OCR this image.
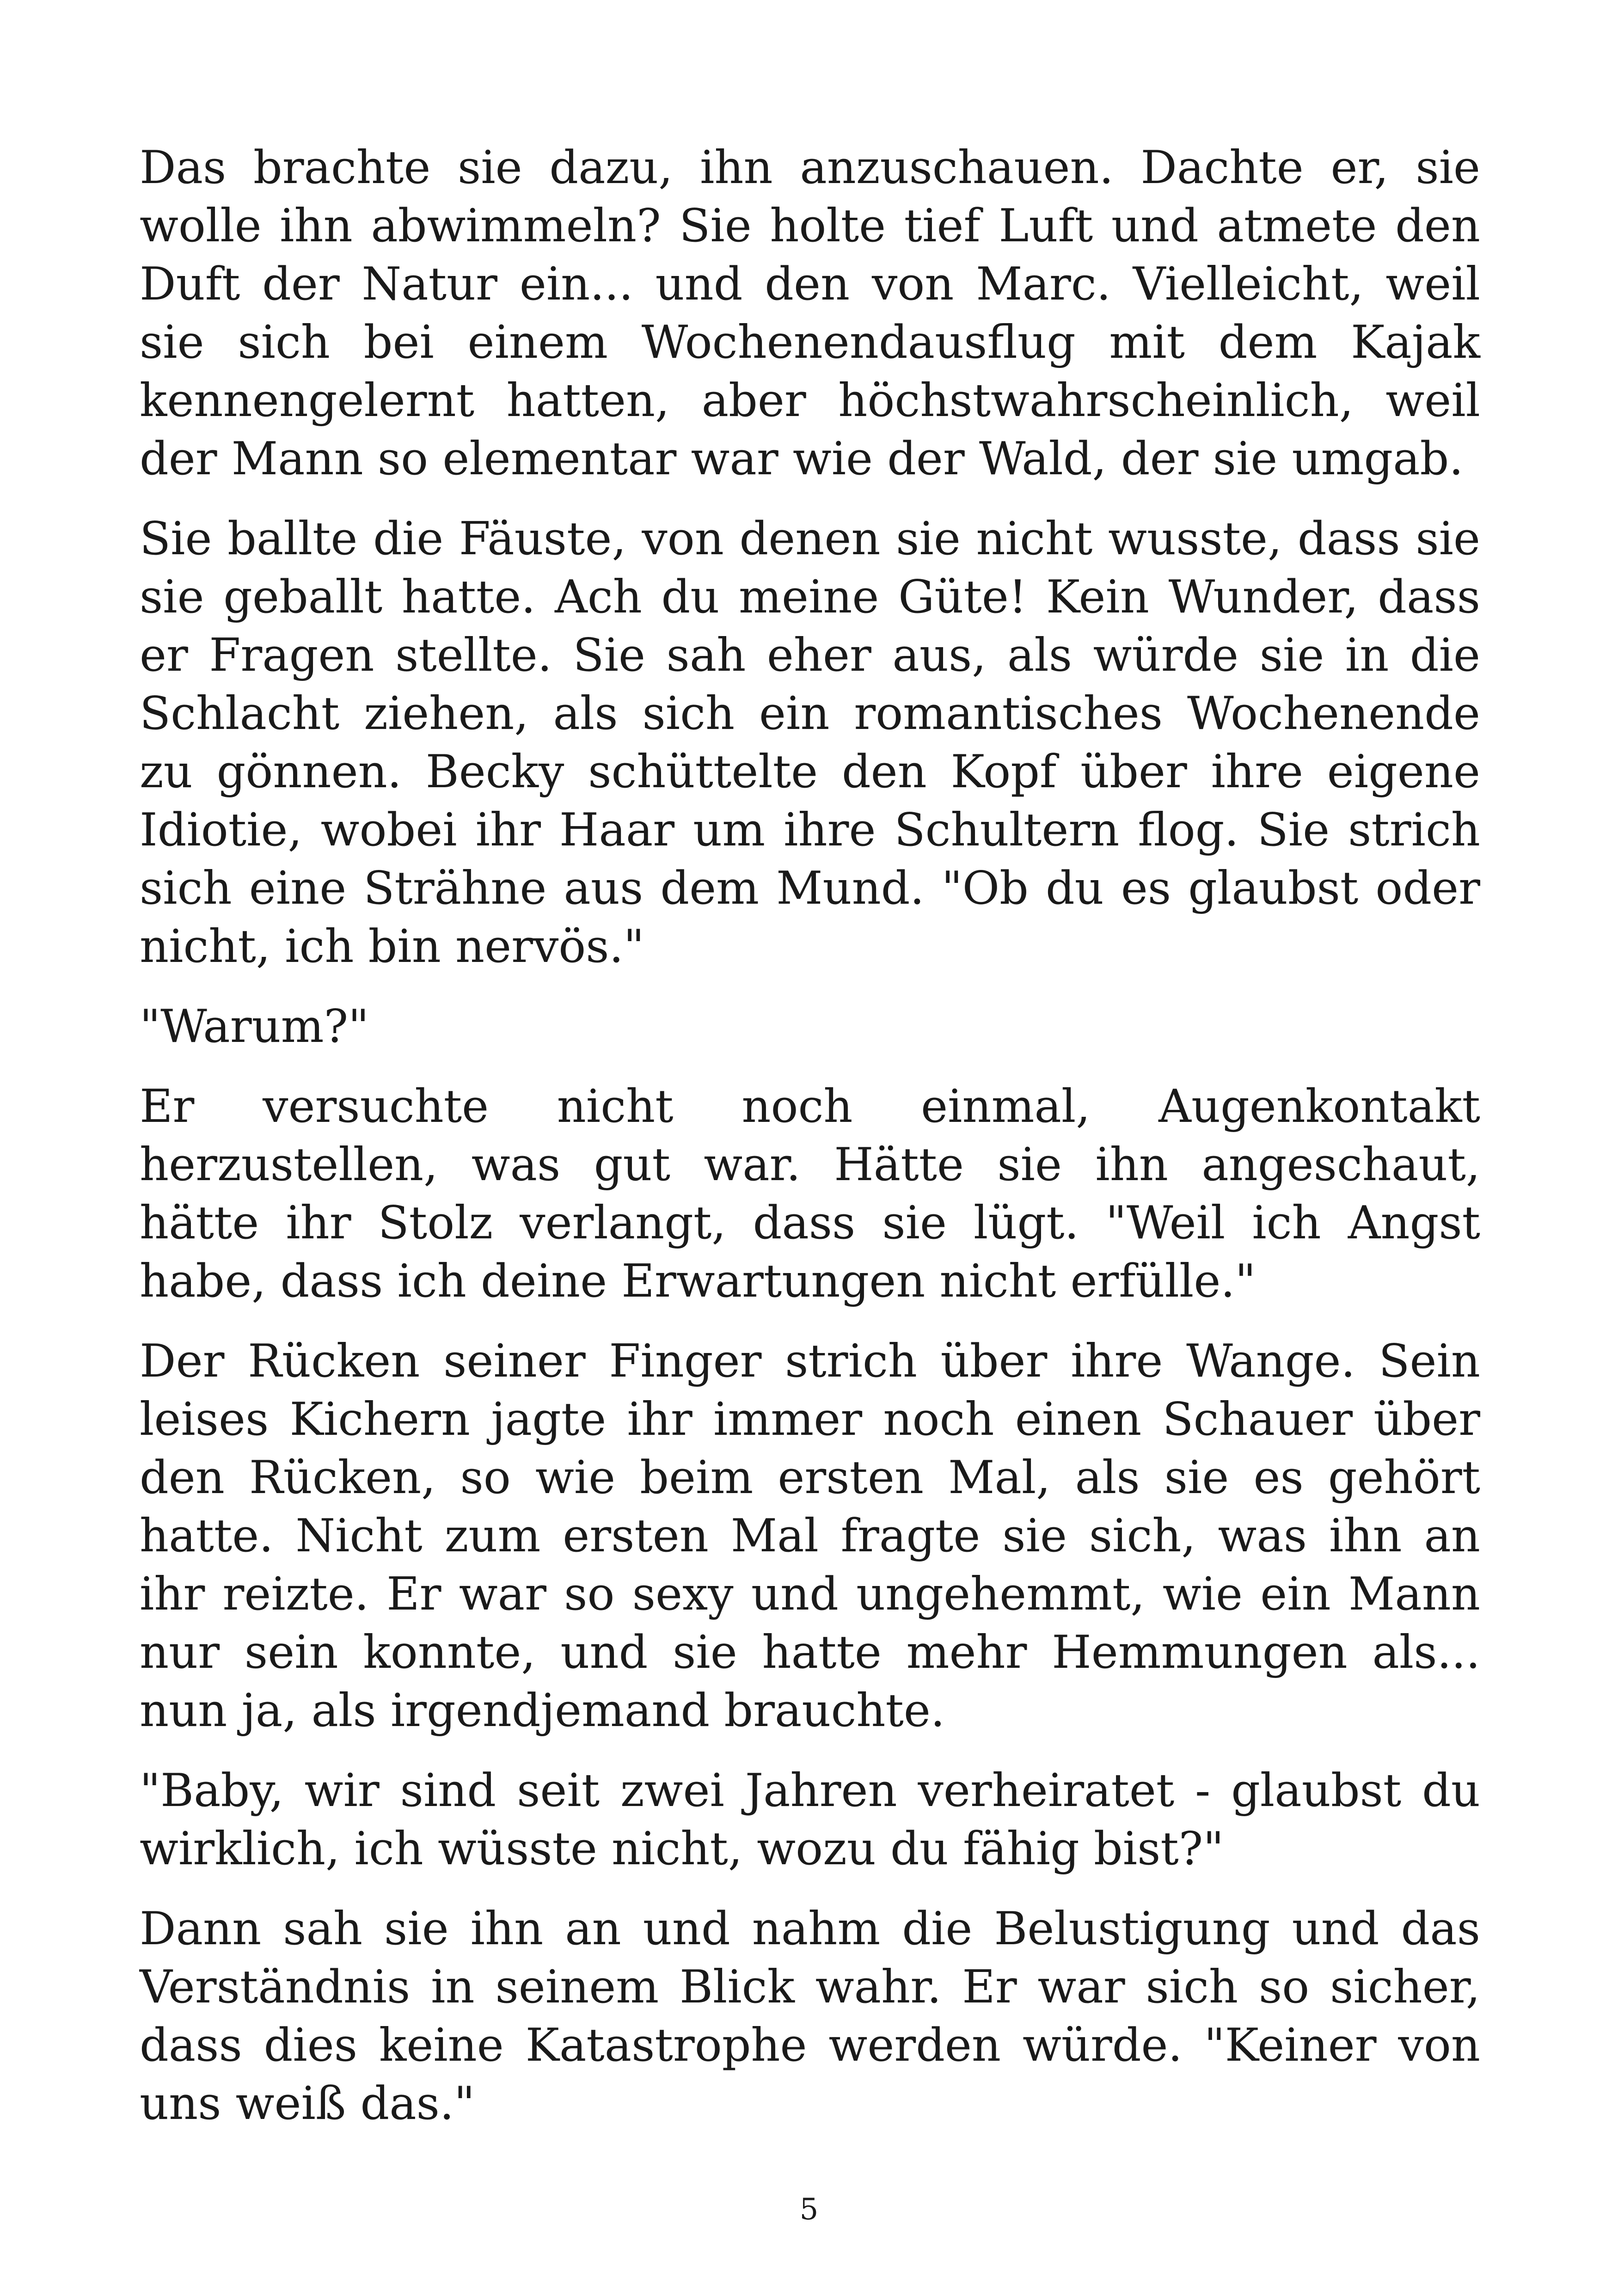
Das brachte sie dazu, ihn anzuschauen. Dachte er, sie wolle ihn abwimmeln? Sie holte tief Luft und atmete den Duft der Natur ein... und den von Marc. Vielleicht, weil sie sich bei einem Wochenendausflug mit dem Kajak kennengelernt hatten, aber höchstwahrscheinlich, weil der Mann so elementar war wie der Wald, der sie umgab.

Sie ballte die Fäuste, von denen sie nicht wusste, dass sie sie geballt hatte. Ach du meine Güte! Kein Wunder, dass er Fragen stellte. Sie sah eher aus, als würde sie in die Schlacht ziehen, als sich ein romantisches Wochenende zu gönnen. Becky schüttelte den Kopf über ihre eigene Idiotie, wobei ihr Haar um ihre Schultern flog. Sie strich sich eine Strähne aus dem Mund. "Ob du es glaubst oder nicht, ich bin nervös."

"Warum?"

Er versuchte nicht noch einmal, Augenkontakt herzustellen, was gut war. Hätte sie ihn angeschaut, hätte ihr Stolz verlangt, dass sie lügt. "Weil ich Angst habe, dass ich deine Erwartungen nicht erfülle."

Der Rücken seiner Finger strich über ihre Wange. Sein leises Kichern jagte ihr immer noch einen Schauer über den Rücken, so wie beim ersten Mal, als sie es gehört hatte. Nicht zum ersten Mal fragte sie sich, was ihn an ihr reizte. Er war so sexy und ungehemmt, wie ein Mann nur sein konnte, und sie hatte mehr Hemmungen als... nun ja, als irgendjemand brauchte.

"Baby, wir sind seit zwei Jahren verheiratet - glaubst du wirklich, ich wüsste nicht, wozu du fähig bist?"

Dann sah sie ihn an und nahm die Belustigung und das Verständnis in seinem Blick wahr. Er war sich so sicher, dass dies keine Katastrophe werden würde. "Keiner von uns weiß das."

5
